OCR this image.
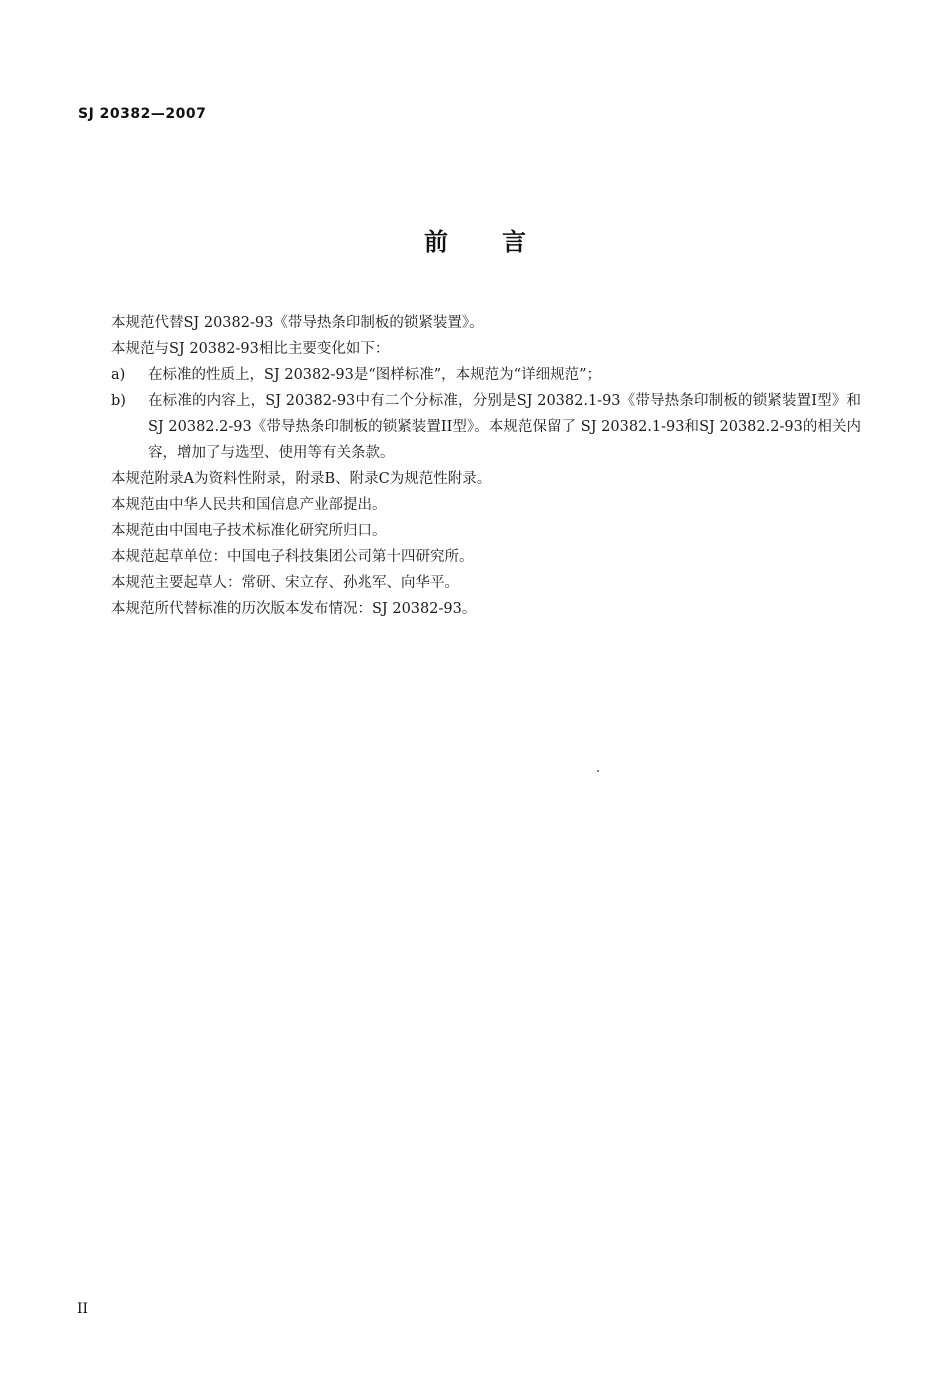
SJ 20382—2007
前言
本规范代替SJ 20382-93《带导热条印制板的锁紧装置》。
本规范与SJ 20382-93相比主要变化如下：
a)	在标准的性质上，SJ 20382-93是“图样标准”，本规范为“详细规范”；
b)	在标准的内容上，SJ 20382-93中有二个分标准，分别是SJ 20382.1-93《带导热条印制板的锁紧装置I型》和 SJ 20382.2-93《带导热条印制板的锁紧装置II型》。本规范保留了 SJ 20382.1-93和SJ 20382.2-93的相关内容，增加了与选型、使用等有关条款。
本规范附录A为资料性附录，附录B、附录C为规范性附录。
本规范由中华人民共和国信息产业部提出。
本规范由中国电子技术标准化研究所归口。
本规范起草单位：中国电子科技集团公司第十四研究所。
本规范主要起草人：常研、宋立存、孙兆军、向华平。
本规范所代替标准的历次版本发布情况：SJ 20382-93。
II
